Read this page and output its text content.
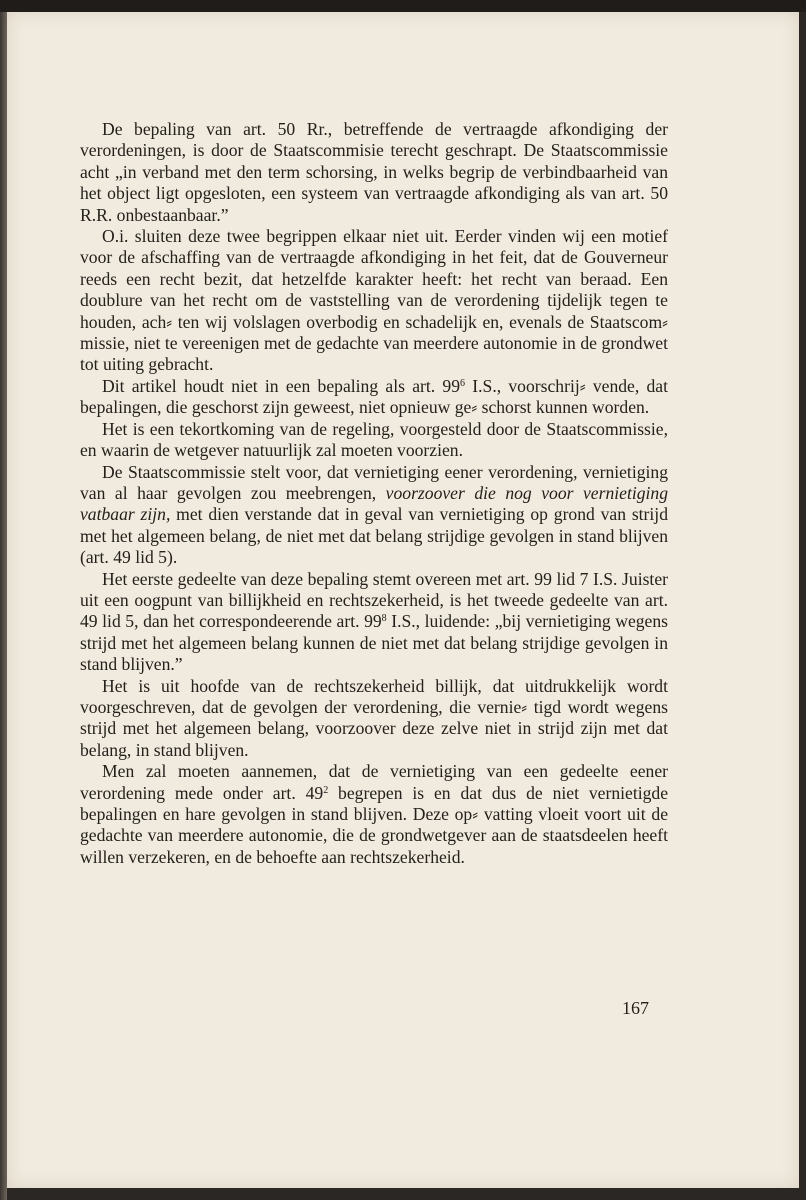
De bepaling van art. 50 Rr., betreffende de vertraagde afkondiging der verordeningen, is door de Staatscommisie terecht geschrapt. De Staatscommissie acht „in verband met den term schorsing, in welks begrip de verbindbaarheid van het object ligt opgesloten, een systeem van vertraagde afkondiging als van art. 50 R.R. onbestaanbaar.”

O.i. sluiten deze twee begrippen elkaar niet uit. Eerder vinden wij een motief voor de afschaffing van de vertraagde afkondiging in het feit, dat de Gouverneur reeds een recht bezit, dat hetzelfde karakter heeft: het recht van beraad. Een doublure van het recht om de vaststelling van de verordening tijdelijk tegen te houden, ach⸗ ten wij volslagen overbodig en schadelijk en, evenals de Staatscom⸗ missie, niet te vereenigen met de gedachte van meerdere autonomie in de grondwet tot uiting gebracht.

Dit artikel houdt niet in een bepaling als art. $99^6$ I.S., voorschrij⸗ vende, dat bepalingen, die geschorst zijn geweest, niet opnieuw ge⸗ schorst kunnen worden.

Het is een tekortkoming van de regeling, voorgesteld door de Staatscommissie, en waarin de wetgever natuurlijk zal moeten voorzien.

De Staatscommissie stelt voor, dat vernietiging eener verordening, vernietiging van al haar gevolgen zou meebrengen, voorzoover die nog voor vernietiging vatbaar zijn, met dien verstande dat in geval van vernietiging op grond van strijd met het algemeen belang, de niet met dat belang strijdige gevolgen in stand blijven (art. 49 lid 5).

Het eerste gedeelte van deze bepaling stemt overeen met art. 99 lid 7 I.S. Juister uit een oogpunt van billijkheid en rechtszekerheid, is het tweede gedeelte van art. 49 lid 5, dan het correspondeerende art. $99^8$ I.S., luidende: „bij vernietiging wegens strijd met het algemeen belang kunnen de niet met dat belang strijdige gevolgen in stand blijven.”

Het is uit hoofde van de rechtszekerheid billijk, dat uitdrukkelijk wordt voorgeschreven, dat de gevolgen der verordening, die vernie⸗ tigd wordt wegens strijd met het algemeen belang, voorzoover deze zelve niet in strijd zijn met dat belang, in stand blijven.

Men zal moeten aannemen, dat de vernietiging van een gedeelte eener verordening mede onder art. $49^2$ begrepen is en dat dus de niet vernietigde bepalingen en hare gevolgen in stand blijven. Deze op⸗ vatting vloeit voort uit de gedachte van meerdere autonomie, die de grondwetgever aan de staatsdeelen heeft willen verzekeren, en de behoefte aan rechtszekerheid.

167
